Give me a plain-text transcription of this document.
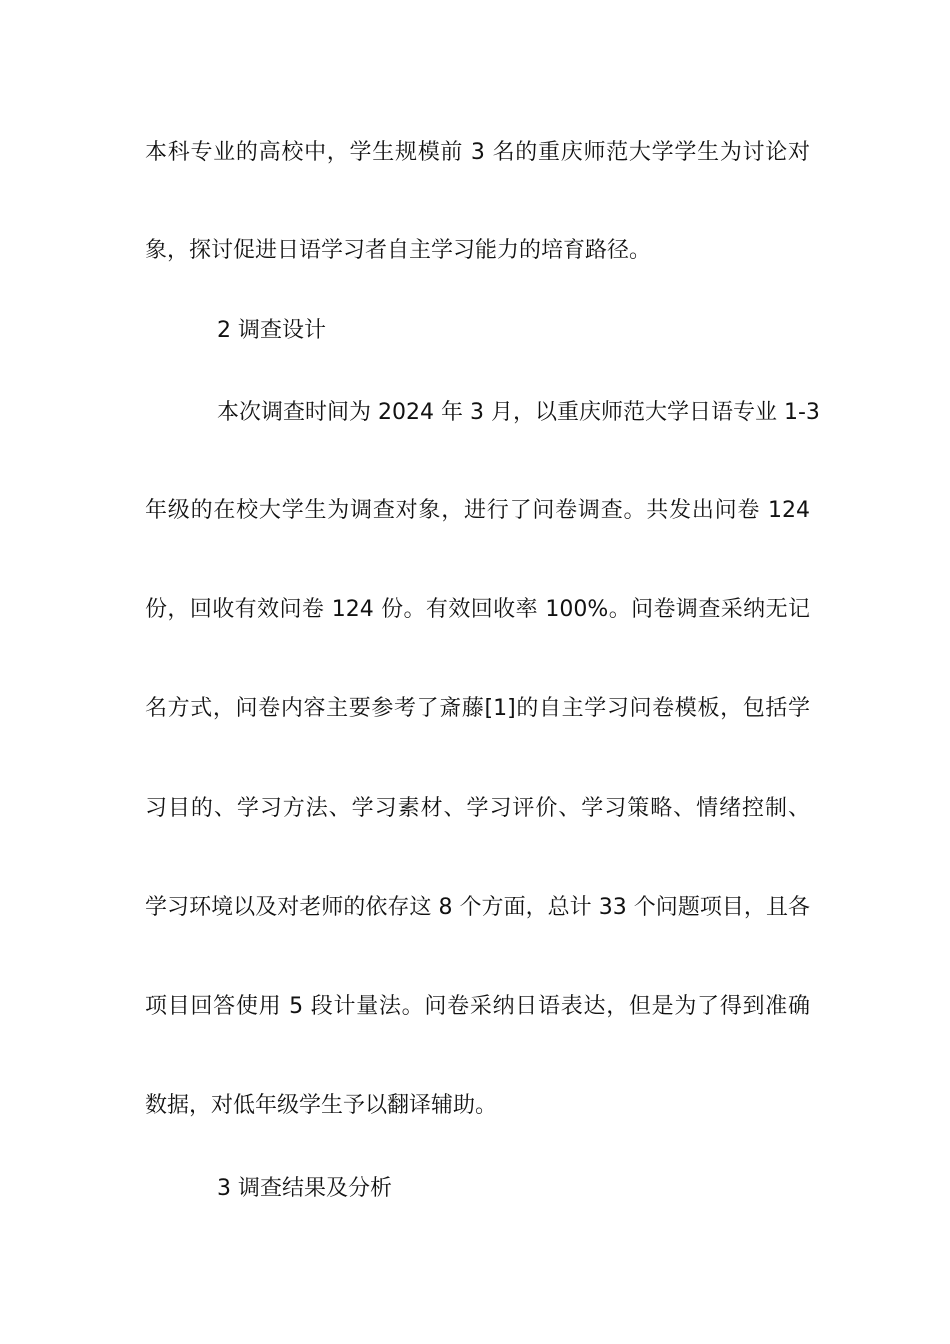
本科专业的高校中，学生规模前 3 名的重庆师范大学学生为讨论对
象，探讨促进日语学习者自主学习能力的培育路径。
2 调查设计
本次调查时间为 2024 年 3 月，以重庆师范大学日语专业 1-3
年级的在校大学生为调查对象，进行了问卷调查。共发出问卷 124
份，回收有效问卷 124 份。有效回收率 100%。问卷调查采纳无记
名方式，问卷内容主要参考了斎藤[1]的自主学习问卷模板，包括学
习目的、学习方法、学习素材、学习评价、学习策略、情绪控制、
学习环境以及对老师的依存这 8 个方面，总计 33 个问题项目，且各
项目回答使用 5 段计量法。问卷采纳日语表达，但是为了得到准确
数据，对低年级学生予以翻译辅助。
3 调查结果及分析
